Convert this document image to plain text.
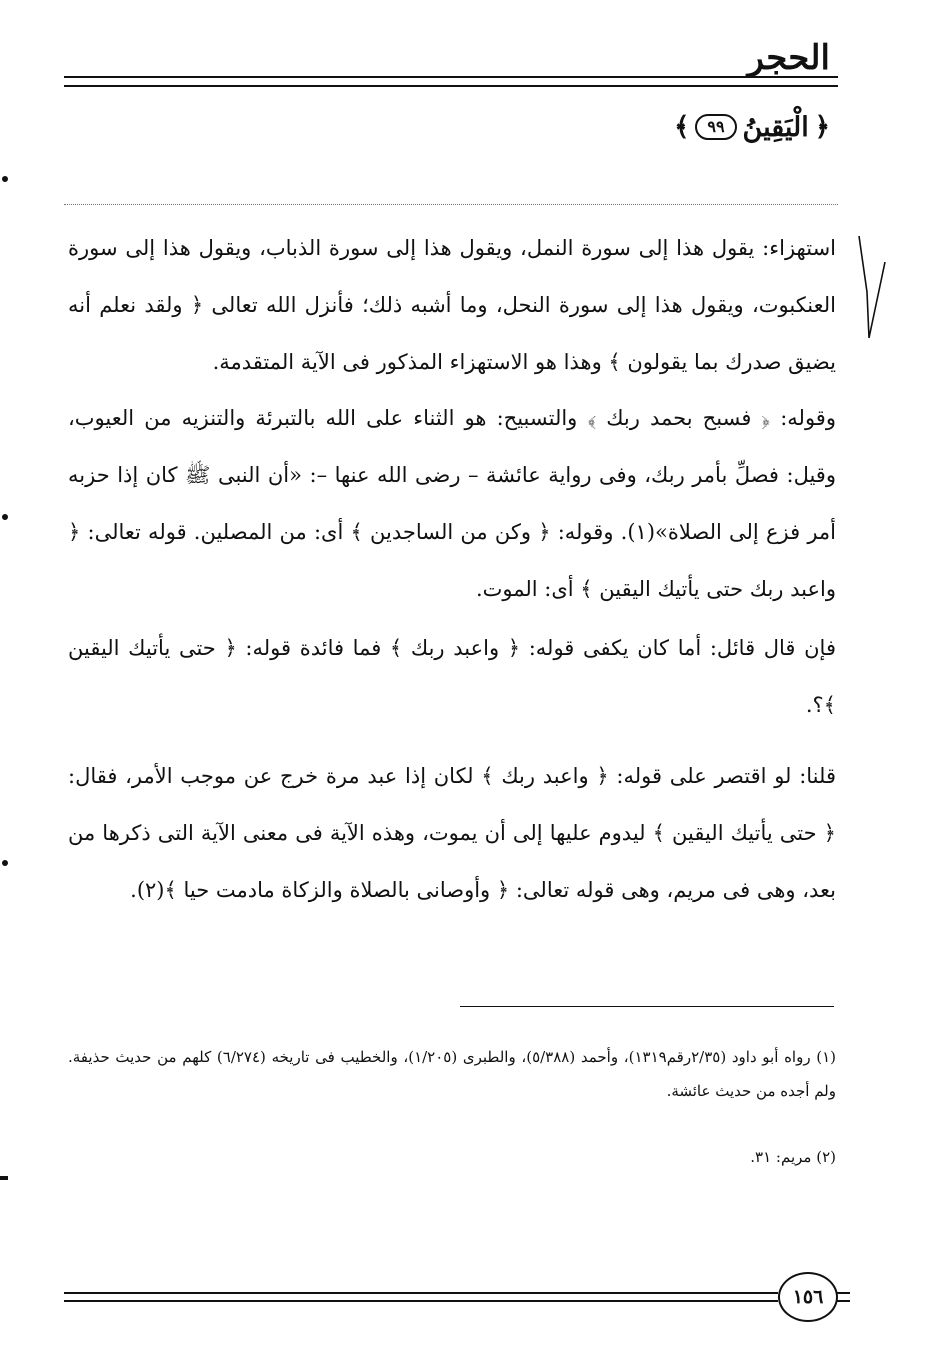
الحجر
﴿
الْيَقِينُ
٩٩
﴾
استهزاء: يقول هذا إلى سورة النمل، ويقول هذا إلى سورة الذباب، ويقول هذا إلى سورة العنكبوت، ويقول هذا إلى سورة النحل، وما أشبه ذلك؛ فأنزل الله تعالى ﴿ ولقد نعلم أنه يضيق صدرك بما يقولون ﴾ وهذا هو الاستهزاء المذكور فى الآية المتقدمة.
وقوله: ﴿ فسبح بحمد ربك ﴾ والتسبيح: هو الثناء على الله بالتبرئة والتنزيه من العيوب، وقيل: فصلِّ بأمر ربك، وفى رواية عائشة – رضى الله عنها –: «أن النبى ﷺ كان إذا حزبه أمر فزع إلى الصلاة»(١). وقوله: ﴿ وكن من الساجدين ﴾ أى: من المصلين. قوله تعالى: ﴿ واعبد ربك حتى يأتيك اليقين ﴾ أى: الموت.
فإن قال قائل: أما كان يكفى قوله: ﴿ واعبد ربك ﴾ فما فائدة قوله: ﴿ حتى يأتيك اليقين ﴾؟.
قلنا: لو اقتصر على قوله: ﴿ واعبد ربك ﴾ لكان إذا عبد مرة خرج عن موجب الأمر، فقال: ﴿ حتى يأتيك اليقين ﴾ ليدوم عليها إلى أن يموت، وهذه الآية فى معنى الآية التى ذكرها من بعد، وهى فى مريم، وهى قوله تعالى: ﴿ وأوصانى بالصلاة والزكاة مادمت حيا ﴾(٢).
(١) رواه أبو داود (٢/٣٥رقم١٣١٩)، وأحمد (٥/٣٨٨)، والطبرى (١/٢٠٥)، والخطيب فى تاريخه (٦/٢٧٤) كلهم من حديث حذيفة. ولم أجده من حديث عائشة.
(٢) مريم: ٣١.
١٥٦
